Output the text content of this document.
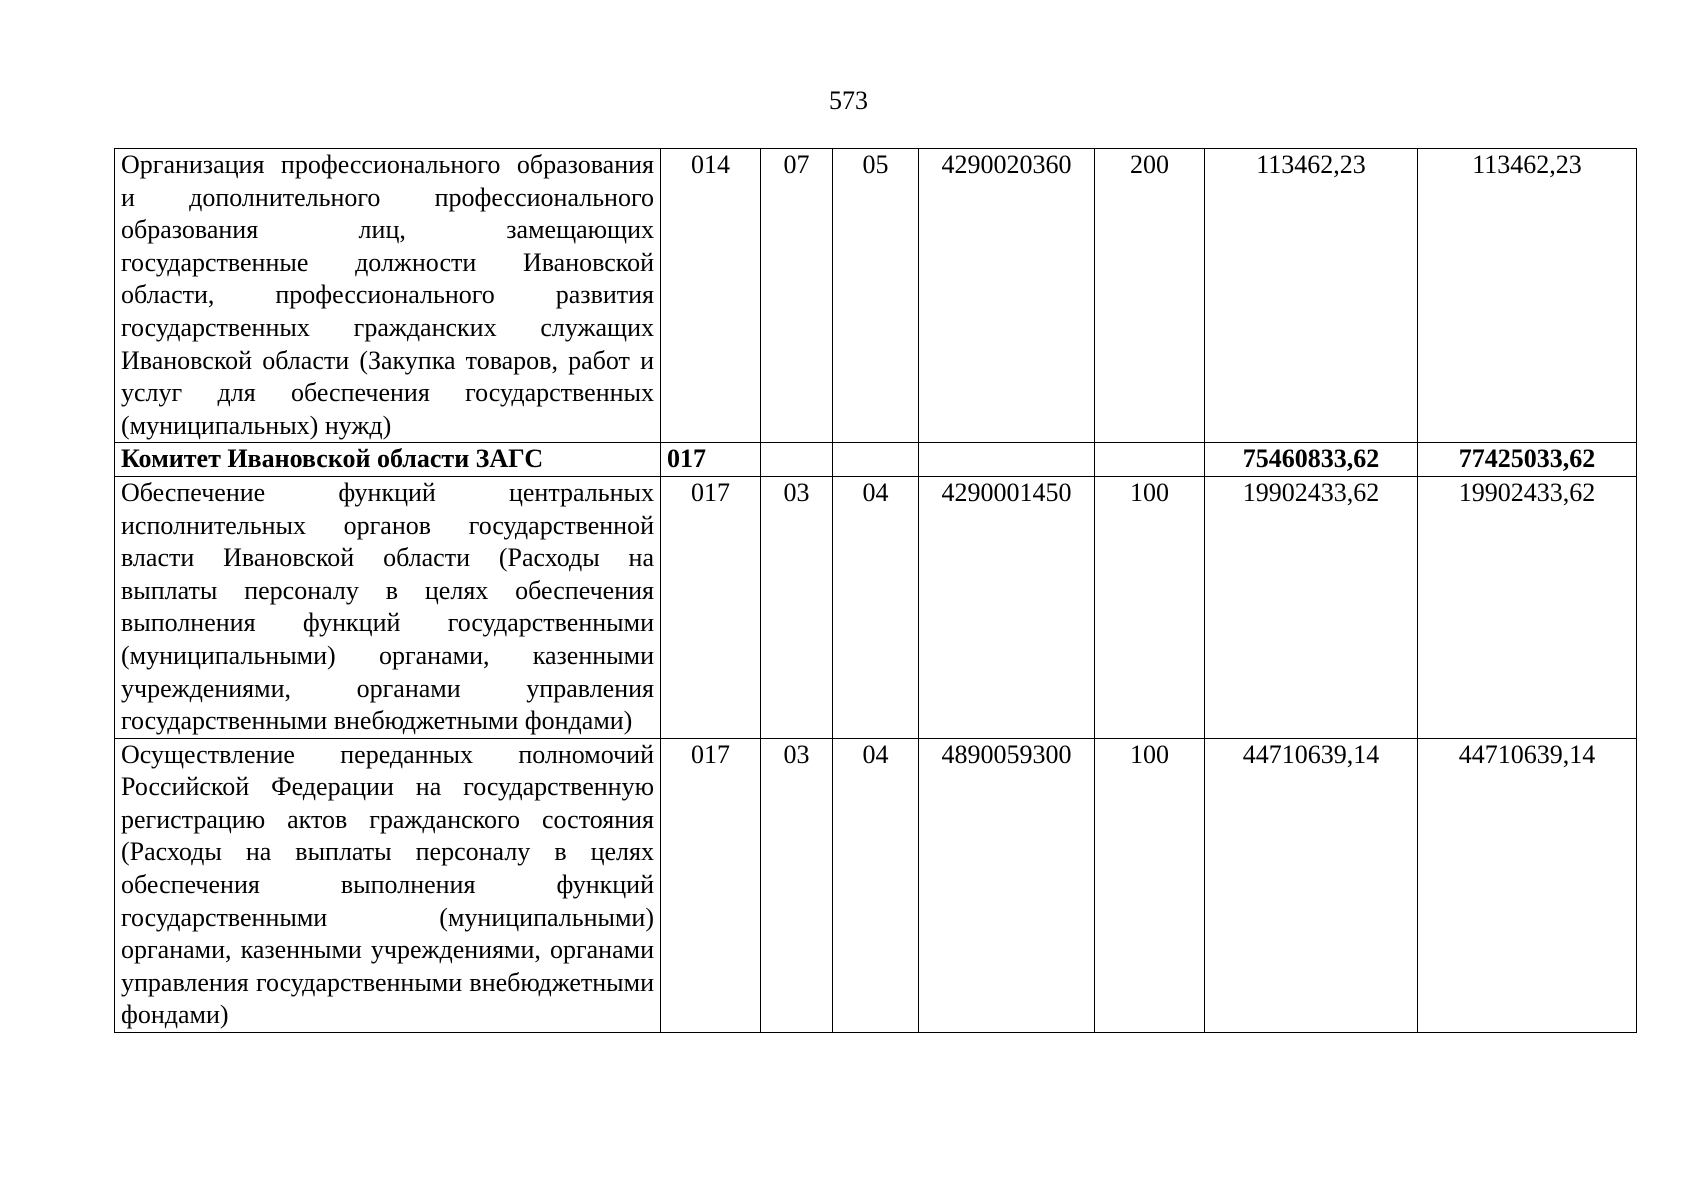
573
Организация профессионального образования и дополнительного профессионального образования лиц, замещающих государственные должности Ивановской области, профессионального развития государственных гражданских служащих Ивановской области (Закупка товаров, работ и услуг для обеспечения государственных (муниципальных) нужд)	014	07	05	4290020360	200	113462,23	113462,23
Комитет Ивановской области ЗАГС	017					75460833,62	77425033,62
Обеспечение функций центральных исполнительных органов государственной власти Ивановской области (Расходы на выплаты персоналу в целях обеспечения выполнения функций государственными (муниципальными) органами, казенными учреждениями, органами управления государственными внебюджетными фондами)	017	03	04	4290001450	100	19902433,62	19902433,62
Осуществление переданных полномочий Российской Федерации на государственную регистрацию актов гражданского состояния (Расходы на выплаты персоналу в целях обеспечения выполнения функций государственными (муниципальными) органами, казенными учреждениями, органами управления государственными внебюджетными фондами)	017	03	04	4890059300	100	44710639,14	44710639,14
